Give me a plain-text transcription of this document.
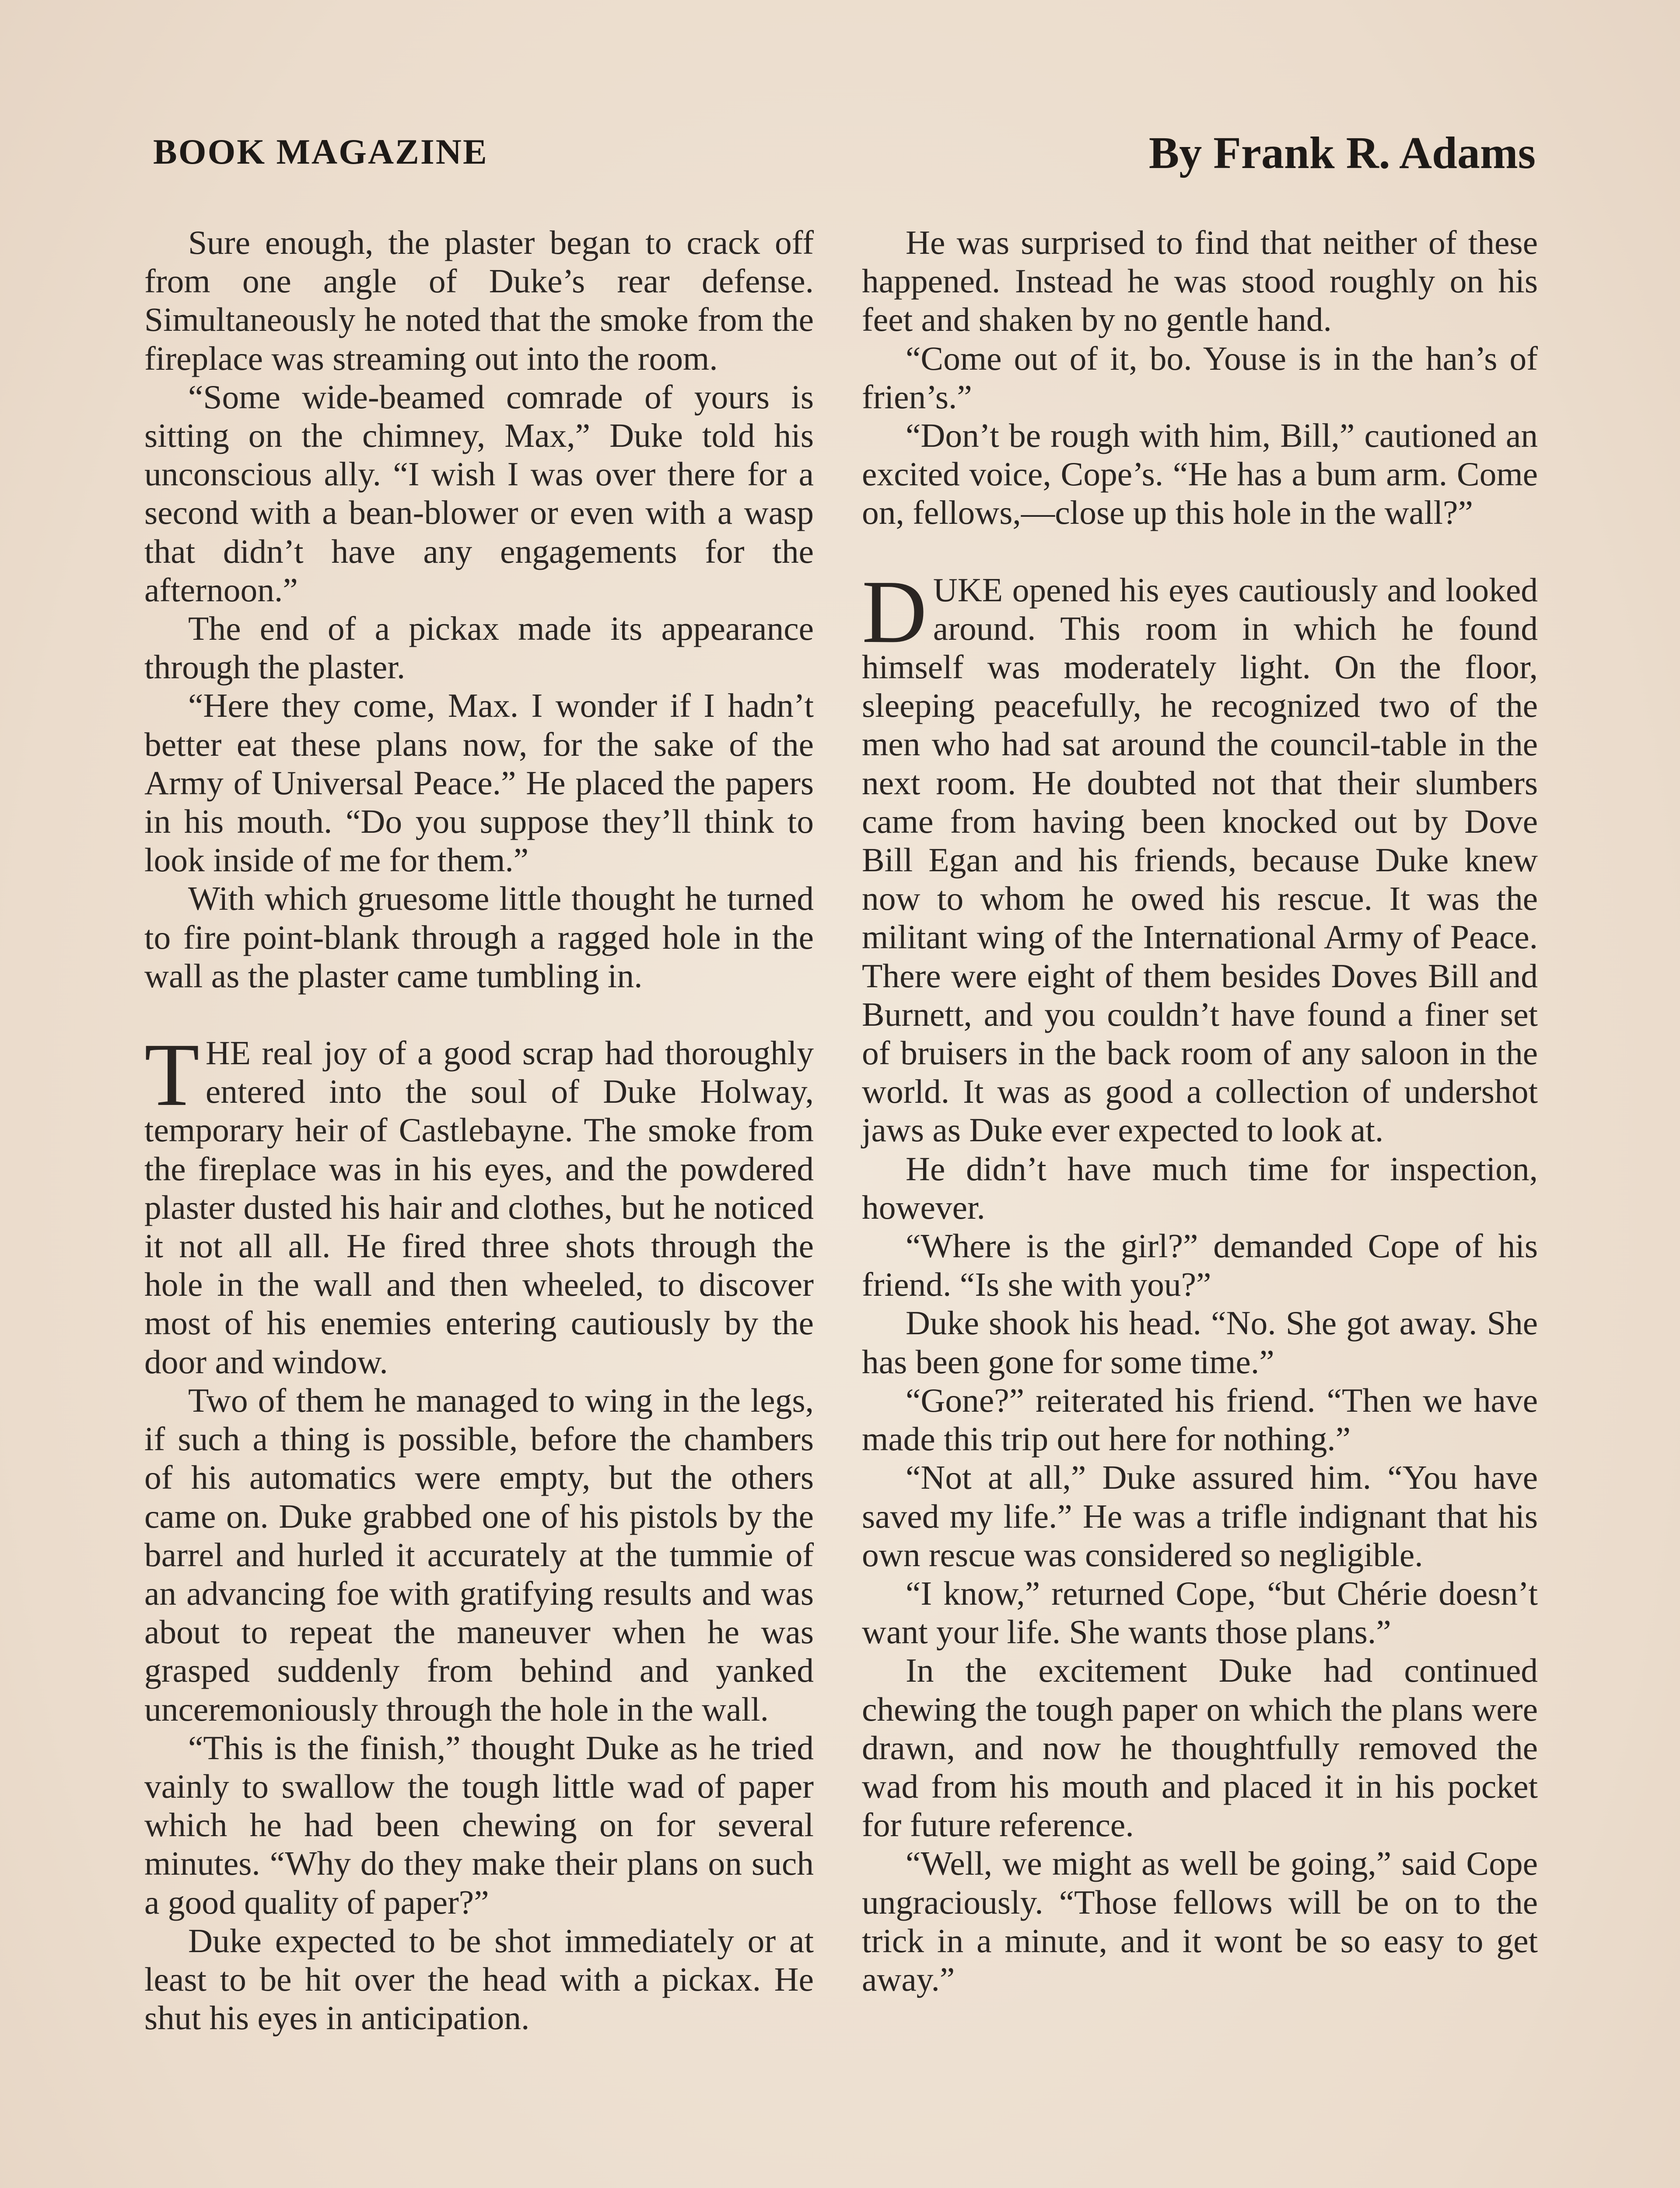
BOOK MAGAZINE	By Frank R. Adams

Sure enough, the plaster began to crack off from one angle of Duke’s rear defense. Simultaneously he noted that the smoke from the fireplace was streaming out into the room.

“Some wide-beamed comrade of yours is sitting on the chimney, Max,” Duke told his unconscious ally. “I wish I was over there for a second with a bean-blower or even with a wasp that didn’t have any engagements for the afternoon.”

The end of a pickax made its appearance through the plaster.

“Here they come, Max. I wonder if I hadn’t better eat these plans now, for the sake of the Army of Universal Peace.” He placed the papers in his mouth. “Do you suppose they’ll think to look inside of me for them.”

With which gruesome little thought he turned to fire point-blank through a ragged hole in the wall as the plaster came tumbling in.

THE real joy of a good scrap had thoroughly entered into the soul of Duke Holway, temporary heir of Castlebayne. The smoke from the fireplace was in his eyes, and the powdered plaster dusted his hair and clothes, but he noticed it not all all. He fired three shots through the hole in the wall and then wheeled, to discover most of his enemies entering cautiously by the door and window.

Two of them he managed to wing in the legs, if such a thing is possible, before the chambers of his automatics were empty, but the others came on. Duke grabbed one of his pistols by the barrel and hurled it accurately at the tummie of an advancing foe with gratifying results and was about to repeat the maneuver when he was grasped suddenly from behind and yanked unceremoniously through the hole in the wall.

“This is the finish,” thought Duke as he tried vainly to swallow the tough little wad of paper which he had been chewing on for several minutes. “Why do they make their plans on such a good quality of paper?”

Duke expected to be shot immediately or at least to be hit over the head with a pickax. He shut his eyes in anticipation.

He was surprised to find that neither of these happened. Instead he was stood roughly on his feet and shaken by no gentle hand.

“Come out of it, bo. Youse is in the han’s of frien’s.”

“Don’t be rough with him, Bill,” cautioned an excited voice, Cope’s. “He has a bum arm. Come on, fellows,—close up this hole in the wall?”

DUKE opened his eyes cautiously and looked around. This room in which he found himself was moderately light. On the floor, sleeping peacefully, he recognized two of the men who had sat around the council-table in the next room. He doubted not that their slumbers came from having been knocked out by Dove Bill Egan and his friends, because Duke knew now to whom he owed his rescue. It was the militant wing of the International Army of Peace. There were eight of them besides Doves Bill and Burnett, and you couldn’t have found a finer set of bruisers in the back room of any saloon in the world. It was as good a collection of undershot jaws as Duke ever expected to look at.

He didn’t have much time for inspection, however.

“Where is the girl?” demanded Cope of his friend. “Is she with you?”

Duke shook his head. “No. She got away. She has been gone for some time.”

“Gone?” reiterated his friend. “Then we have made this trip out here for nothing.”

“Not at all,” Duke assured him. “You have saved my life.” He was a trifle indignant that his own rescue was considered so negligible.

“I know,” returned Cope, “but Chérie doesn’t want your life. She wants those plans.”

In the excitement Duke had continued chewing the tough paper on which the plans were drawn, and now he thoughtfully removed the wad from his mouth and placed it in his pocket for future reference.

“Well, we might as well be going,” said Cope ungraciously. “Those fellows will be on to the trick in a minute, and it wont be so easy to get away.”
